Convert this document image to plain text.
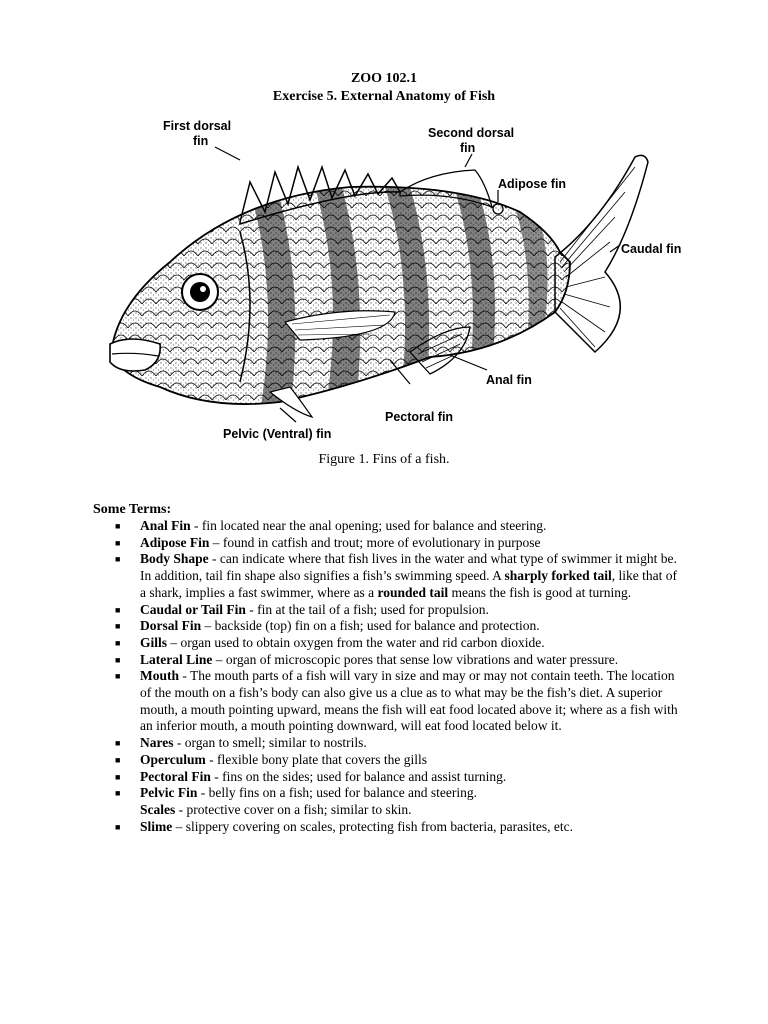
ZOO 102.1
Exercise 5. External Anatomy of Fish
First dorsal
fin
Second dorsal
fin
Adipose fin
Caudal fin
Anal fin
Pectoral fin
Pelvic (Ventral) fin
Figure 1. Fins of a fish.
Some Terms:
■ Anal Fin - fin located near the anal opening; used for balance and steering.
■ Adipose Fin – found in catfish and trout; more of evolutionary in purpose
■ Body Shape - can indicate where that fish lives in the water and what type of swimmer it might be. In addition, tail fin shape also signifies a fish’s swimming speed. A sharply forked tail, like that of a shark, implies a fast swimmer, where as a rounded tail means the fish is good at turning.
■ Caudal or Tail Fin - fin at the tail of a fish; used for propulsion.
■ Dorsal Fin – backside (top) fin on a fish; used for balance and protection.
■ Gills – organ used to obtain oxygen from the water and rid carbon dioxide.
■ Lateral Line – organ of microscopic pores that sense low vibrations and water pressure.
■ Mouth - The mouth parts of a fish will vary in size and may or may not contain teeth. The location of the mouth on a fish’s body can also give us a clue as to what may be the fish’s diet. A superior mouth, a mouth pointing upward, means the fish will eat food located above it; where as a fish with an inferior mouth, a mouth pointing downward, will eat food located below it.
■ Nares - organ to smell; similar to nostrils.
■ Operculum - flexible bony plate that covers the gills
■ Pectoral Fin - fins on the sides; used for balance and assist turning.
■ Pelvic Fin - belly fins on a fish; used for balance and steering.
Scales - protective cover on a fish; similar to skin.
■ Slime – slippery covering on scales, protecting fish from bacteria, parasites, etc.
